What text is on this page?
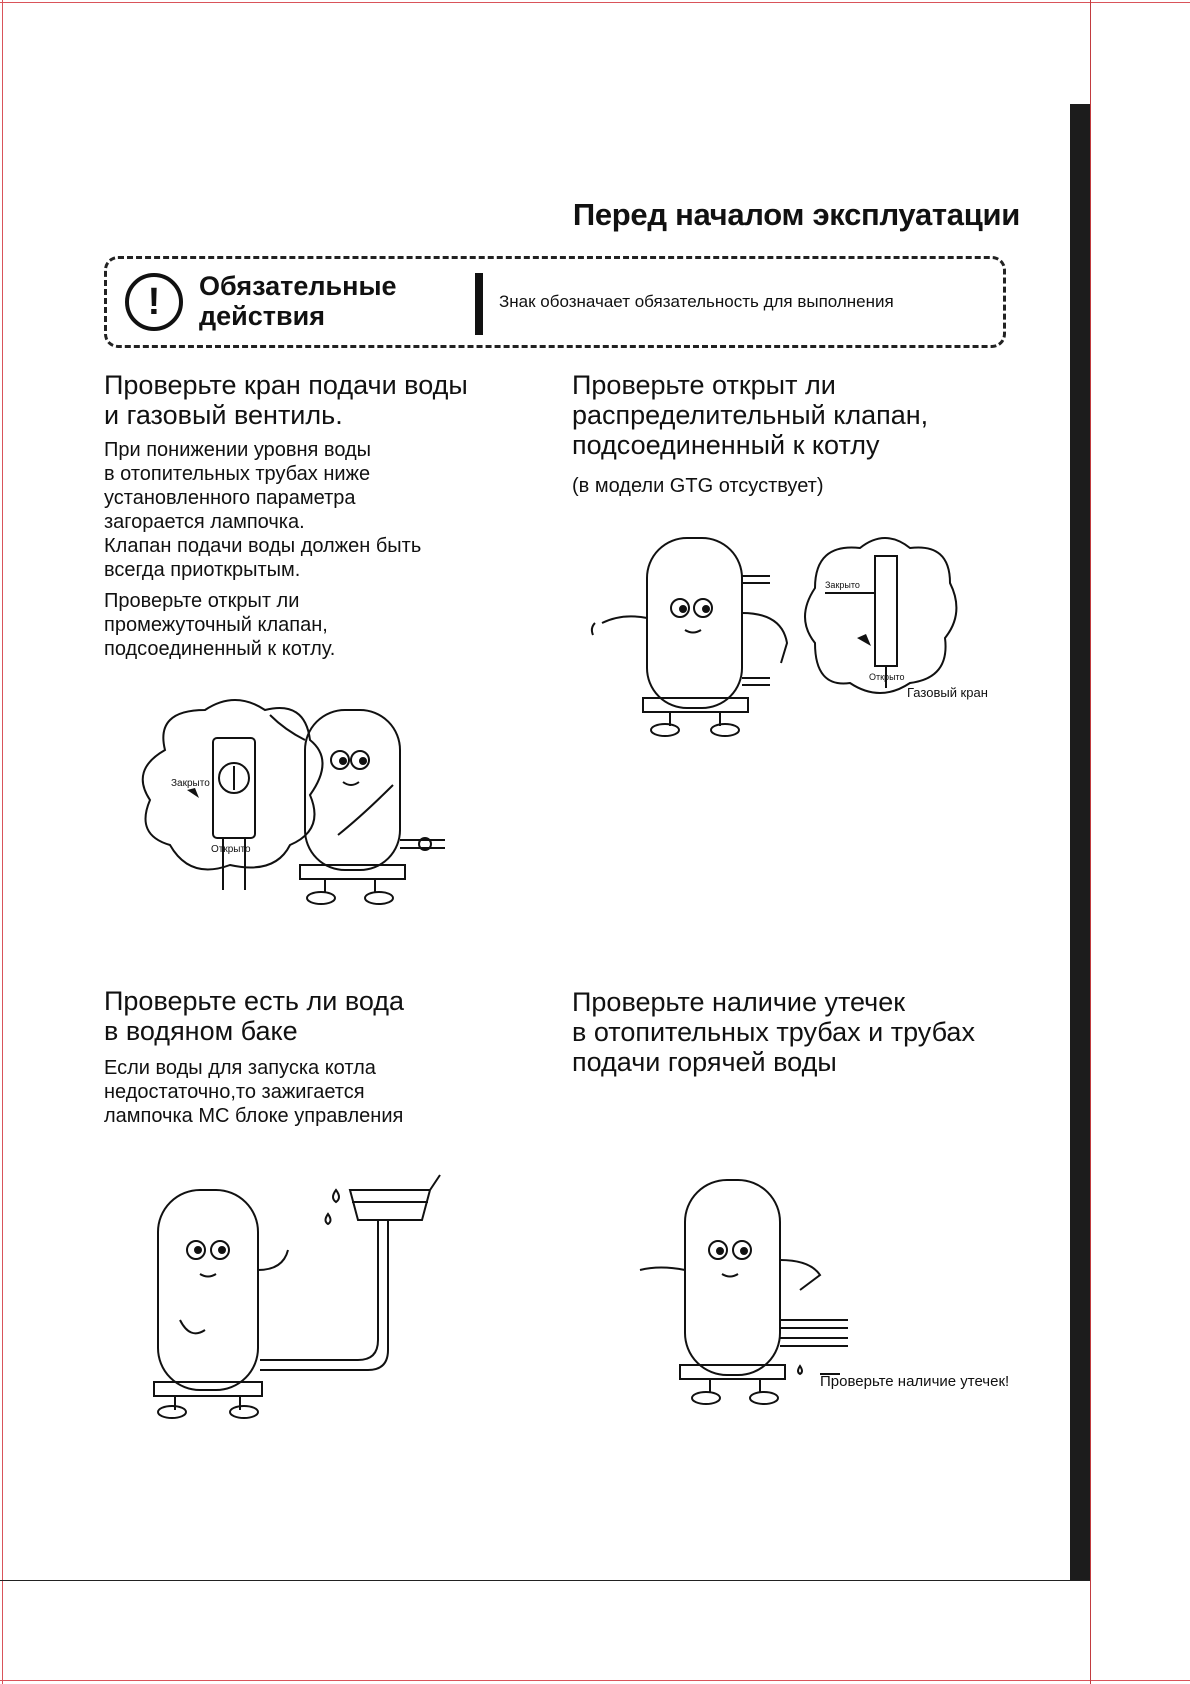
Перед началом эксплуатации
!	Обязательные
действия	Знак обозначает обязательность для выполнения
Проверьте кран подачи воды
и газовый вентиль.
При понижении уровня воды
в отопительных трубах ниже
установленного параметра
загорается лампочка.
Клапан подачи воды должен быть
всегда приоткрытым.
Проверьте открыт ли
промежуточный клапан,
подсоединенный к котлу.
Закрыто
Открыто
Проверьте открыт ли
распределительный клапан,
подсоединенный к котлу
(в модели GTG отсуствует)
Закрыто
Открыто
Газовый кран
Проверьте есть ли вода
в водяном баке
Если воды для запуска котла
недостаточно,то зажигается
лампочка МС блоке управления
Проверьте наличие утечек
в отопительных трубах и трубах
подачи горячей воды
Проверьте наличие утечек!
